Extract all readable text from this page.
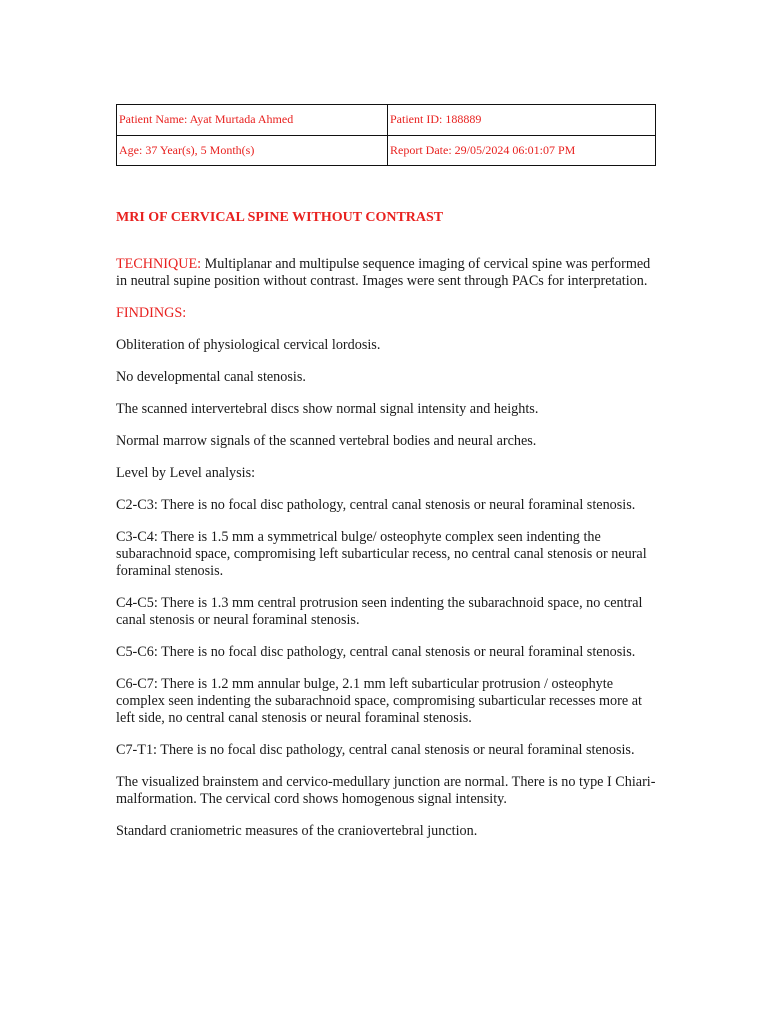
Patient Name: Ayat Murtada Ahmed	Patient ID: 188889
Age: 37 Year(s), 5 Month(s)	Report Date: 29/05/2024 06:01:07 PM
MRI OF CERVICAL SPINE WITHOUT CONTRAST

TECHNIQUE: Multiplanar and multipulse sequence imaging of cervical spine was performed in neutral supine position without contrast. Images were sent through PACs for interpretation.

FINDINGS:

Obliteration of physiological cervical lordosis.

No developmental canal stenosis.

The scanned intervertebral discs show normal signal intensity and heights.

Normal marrow signals of the scanned vertebral bodies and neural arches.

Level by Level analysis:

C2-C3: There is no focal disc pathology, central canal stenosis or neural foraminal stenosis.

C3-C4: There is 1.5 mm a symmetrical bulge/ osteophyte complex seen indenting the subarachnoid space, compromising left subarticular recess, no central canal stenosis or neural foraminal stenosis.

C4-C5: There is 1.3 mm central protrusion seen indenting the subarachnoid space, no central canal stenosis or neural foraminal stenosis.

C5-C6: There is no focal disc pathology, central canal stenosis or neural foraminal stenosis.

C6-C7: There is 1.2 mm annular bulge, 2.1 mm left subarticular protrusion / osteophyte complex seen indenting the subarachnoid space, compromising subarticular recesses more at left side, no central canal stenosis or neural foraminal stenosis.

C7-T1: There is no focal disc pathology, central canal stenosis or neural foraminal stenosis.

The visualized brainstem and cervico-medullary junction are normal. There is no type I Chiari- malformation. The cervical cord shows homogenous signal intensity.

Standard craniometric measures of the craniovertebral junction.
